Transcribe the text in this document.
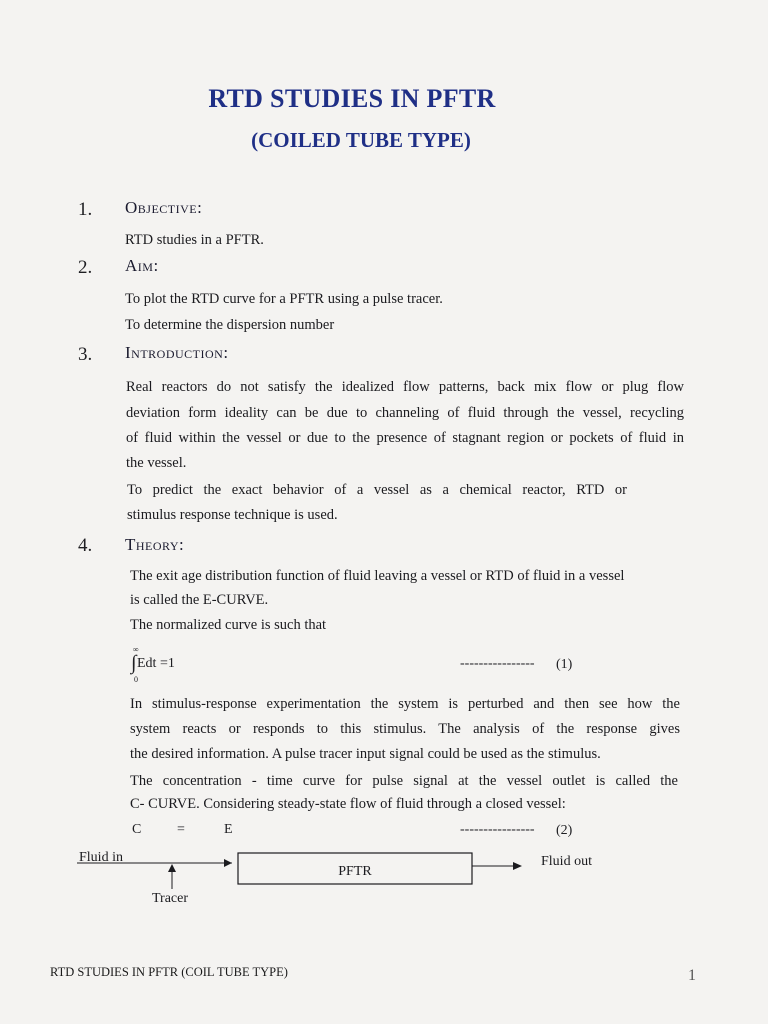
RTD STUDIES IN PFTR
(COILED TUBE TYPE)
1. Objective:
RTD studies in a PFTR.
2. Aim:
To plot the RTD curve for a PFTR using a pulse tracer.
To determine the dispersion number
3. Introduction:
Real reactors do not satisfy the idealized flow patterns, back mix flow or plug flow
deviation form ideality can be due to channeling of fluid through the vessel, recycling
of fluid within the vessel or due to the presence of stagnant region or pockets of fluid in
the vessel.
To predict the exact behavior of a vessel as a chemical reactor, RTD or
stimulus response technique is used.
4. Theory:
The exit age distribution function of fluid leaving a vessel or RTD of fluid in a vessel
is called the E-CURVE.
The normalized curve is such that
∞
∫ Edt =1
0
---------------- (1)
In stimulus-response experimentation the system is perturbed and then see how the
system reacts or responds to this stimulus. The analysis of the response gives
the desired information. A pulse tracer input signal could be used as the stimulus.
The concentration - time curve for pulse signal at the vessel outlet is called the
C- CURVE. Considering steady-state flow of fluid through a closed vessel:
C	=	E	---------------- (2)
Fluid in
PFTR
Fluid out
Tracer
RTD STUDIES IN PFTR (COIL TUBE TYPE)	1
